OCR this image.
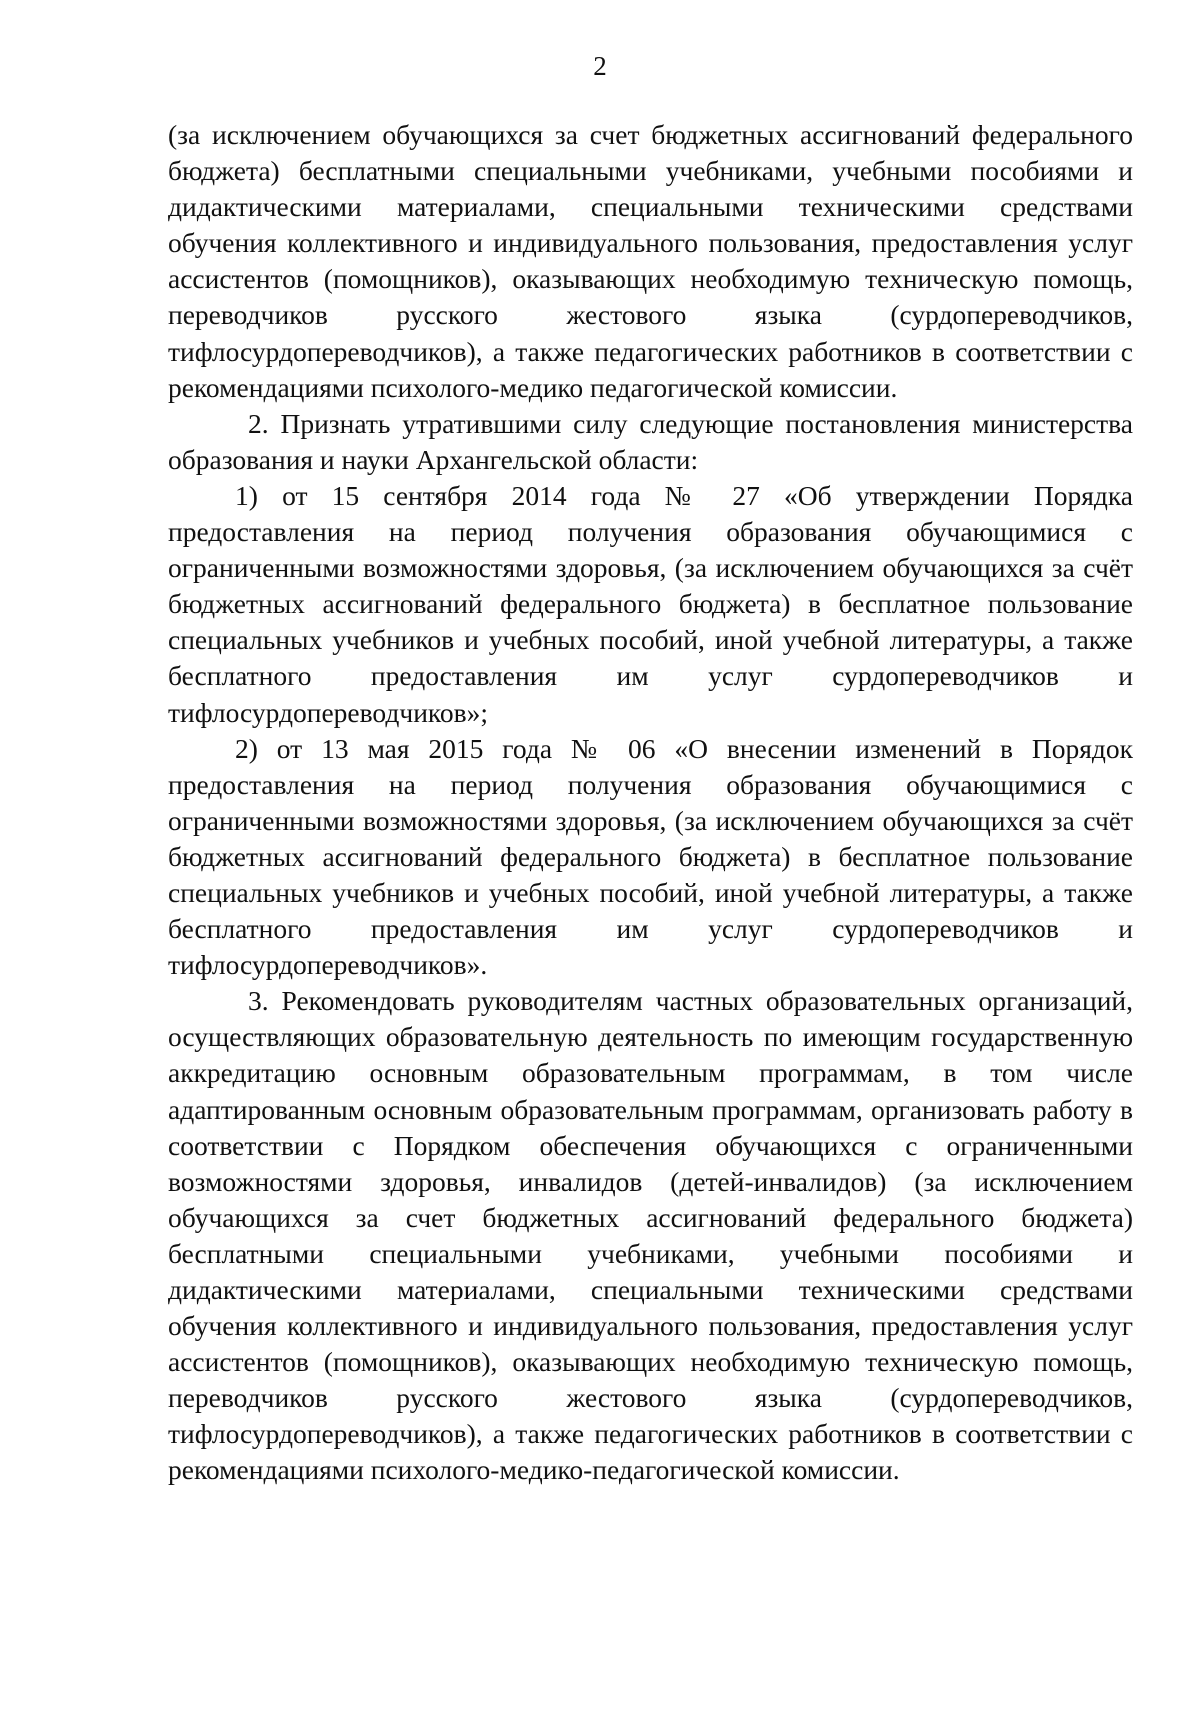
2

(за исключением обучающихся за счет бюджетных ассигнований федерального бюджета) бесплатными специальными учебниками, учебными пособиями и дидактическими материалами, специальными техническими средствами обучения коллективного и индивидуального пользования, предоставления услуг ассистентов (помощников), оказывающих необходимую техническую помощь, переводчиков русского жестового языка (сурдопереводчиков, тифлосурдопереводчиков), а также педагогических работников в соответствии с рекомендациями психолого-медико педагогической комиссии.

2. Признать утратившими силу следующие постановления министерства образования и науки Архангельской области:

1) от 15 сентября 2014 года № 27 «Об утверждении Порядка предоставления на период получения образования обучающимися с ограниченными возможностями здоровья, (за исключением обучающихся за счёт бюджетных ассигнований федерального бюджета) в бесплатное пользование специальных учебников и учебных пособий, иной учебной литературы, а также бесплатного предоставления им услуг сурдопереводчиков и тифлосурдопереводчиков»;

2) от 13 мая 2015 года № 06 «О внесении изменений в Порядок предоставления на период получения образования обучающимися с ограниченными возможностями здоровья, (за исключением обучающихся за счёт бюджетных ассигнований федерального бюджета) в бесплатное пользование специальных учебников и учебных пособий, иной учебной литературы, а также бесплатного предоставления им услуг сурдопереводчиков и тифлосурдопереводчиков».

3. Рекомендовать руководителям частных образовательных организаций, осуществляющих образовательную деятельность по имеющим государственную аккредитацию основным образовательным программам, в том числе адаптированным основным образовательным программам, организовать работу в соответствии с Порядком обеспечения обучающихся с ограниченными возможностями здоровья, инвалидов (детей-инвалидов) (за исключением обучающихся за счет бюджетных ассигнований федерального бюджета) бесплатными специальными учебниками, учебными пособиями и дидактическими материалами, специальными техническими средствами обучения коллективного и индивидуального пользования, предоставления услуг ассистентов (помощников), оказывающих необходимую техническую помощь, переводчиков русского жестового языка (сурдопереводчиков, тифлосурдопереводчиков), а также педагогических работников в соответствии с рекомендациями психолого-медико-педагогической комиссии.
